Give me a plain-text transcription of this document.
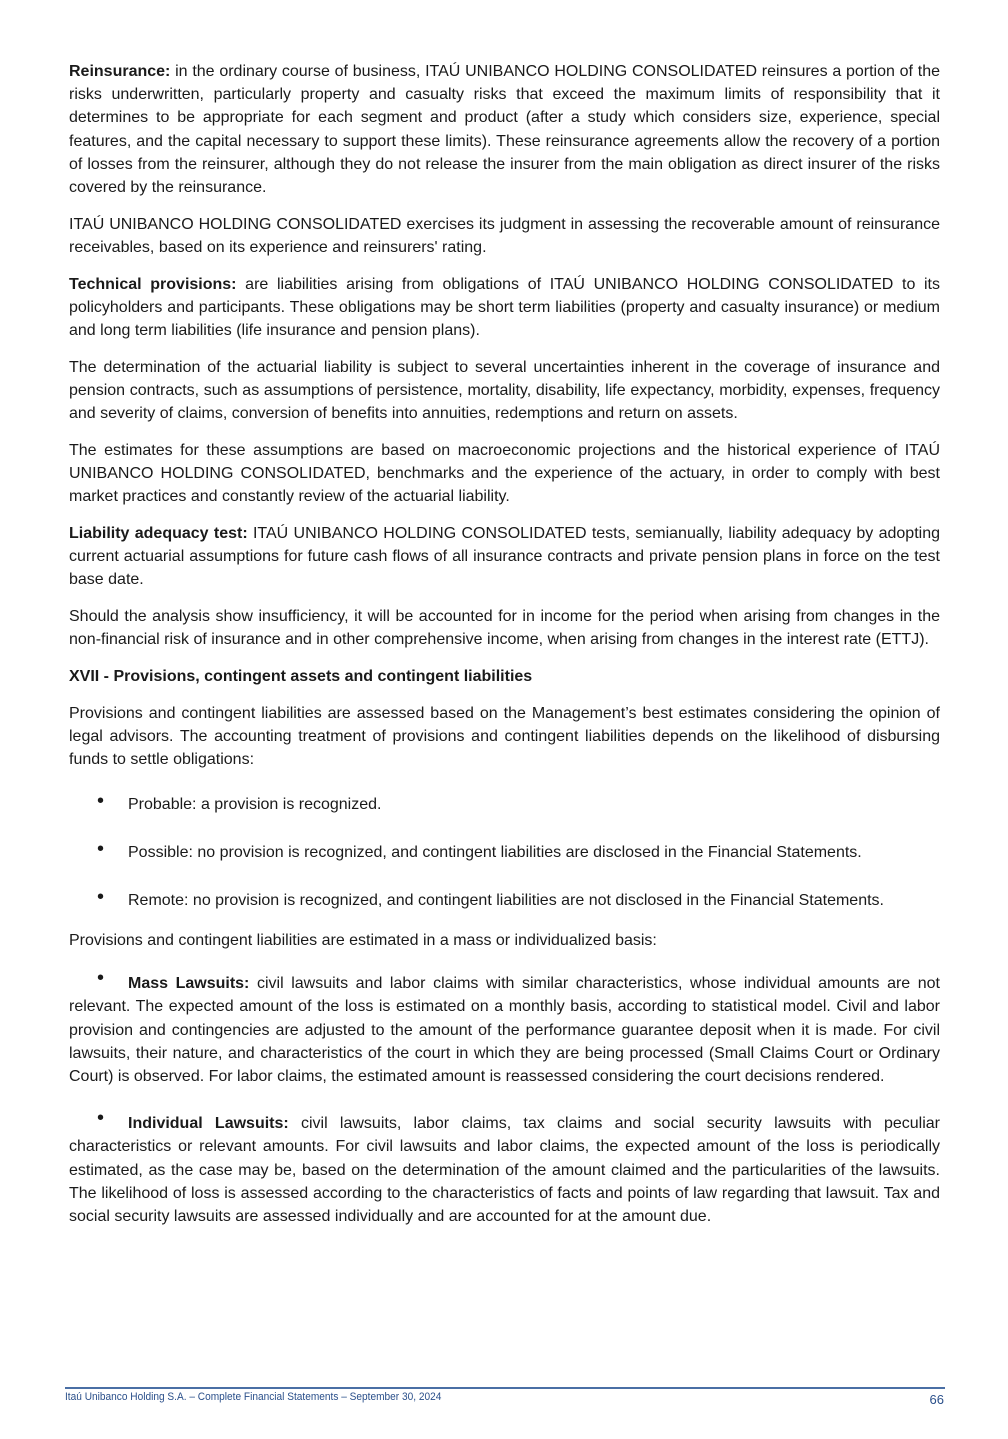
Reinsurance: in the ordinary course of business, ITAÚ UNIBANCO HOLDING CONSOLIDATED reinsures a portion of the risks underwritten, particularly property and casualty risks that exceed the maximum limits of responsibility that it determines to be appropriate for each segment and product (after a study which considers size, experience, special features, and the capital necessary to support these limits). These reinsurance agreements allow the recovery of a portion of losses from the reinsurer, although they do not release the insurer from the main obligation as direct insurer of the risks covered by the reinsurance.

ITAÚ UNIBANCO HOLDING CONSOLIDATED exercises its judgment in assessing the recoverable amount of reinsurance receivables, based on its experience and reinsurers' rating.

Technical provisions: are liabilities arising from obligations of ITAÚ UNIBANCO HOLDING CONSOLIDATED to its policyholders and participants. These obligations may be short term liabilities (property and casualty insurance) or medium and long term liabilities (life insurance and pension plans).

The determination of the actuarial liability is subject to several uncertainties inherent in the coverage of insurance and pension contracts, such as assumptions of persistence, mortality, disability, life expectancy, morbidity, expenses, frequency and severity of claims, conversion of benefits into annuities, redemptions and return on assets.

The estimates for these assumptions are based on macroeconomic projections and the historical experience of ITAÚ UNIBANCO HOLDING CONSOLIDATED, benchmarks and the experience of the actuary, in order to comply with best market practices and constantly review of the actuarial liability.

Liability adequacy test: ITAÚ UNIBANCO HOLDING CONSOLIDATED tests, semianually, liability adequacy by adopting current actuarial assumptions for future cash flows of all insurance contracts and private pension plans in force on the test base date.

Should the analysis show insufficiency, it will be accounted for in income for the period when arising from changes in the non-financial risk of insurance and in other comprehensive income, when arising from changes in the interest rate (ETTJ).

XVII - Provisions, contingent assets and contingent liabilities

Provisions and contingent liabilities are assessed based on the Management’s best estimates considering the opinion of legal advisors. The accounting treatment of provisions and contingent liabilities depends on the likelihood of disbursing funds to settle obligations:

• Probable: a provision is recognized.
• Possible: no provision is recognized, and contingent liabilities are disclosed in the Financial Statements.
• Remote: no provision is recognized, and contingent liabilities are not disclosed in the Financial Statements.

Provisions and contingent liabilities are estimated in a mass or individualized basis:

• Mass Lawsuits: civil lawsuits and labor claims with similar characteristics, whose individual amounts are not relevant. The expected amount of the loss is estimated on a monthly basis, according to statistical model. Civil and labor provision and contingencies are adjusted to the amount of the performance guarantee deposit when it is made. For civil lawsuits, their nature, and characteristics of the court in which they are being processed (Small Claims Court or Ordinary Court) is observed. For labor claims, the estimated amount is reassessed considering the court decisions rendered.
• Individual Lawsuits: civil lawsuits, labor claims, tax claims and social security lawsuits with peculiar characteristics or relevant amounts. For civil lawsuits and labor claims, the expected amount of the loss is periodically estimated, as the case may be, based on the determination of the amount claimed and the particularities of the lawsuits. The likelihood of loss is assessed according to the characteristics of facts and points of law regarding that lawsuit. Tax and social security lawsuits are assessed individually and are accounted for at the amount due.
Itaú Unibanco Holding S.A. – Complete Financial Statements – September 30, 2024	66
